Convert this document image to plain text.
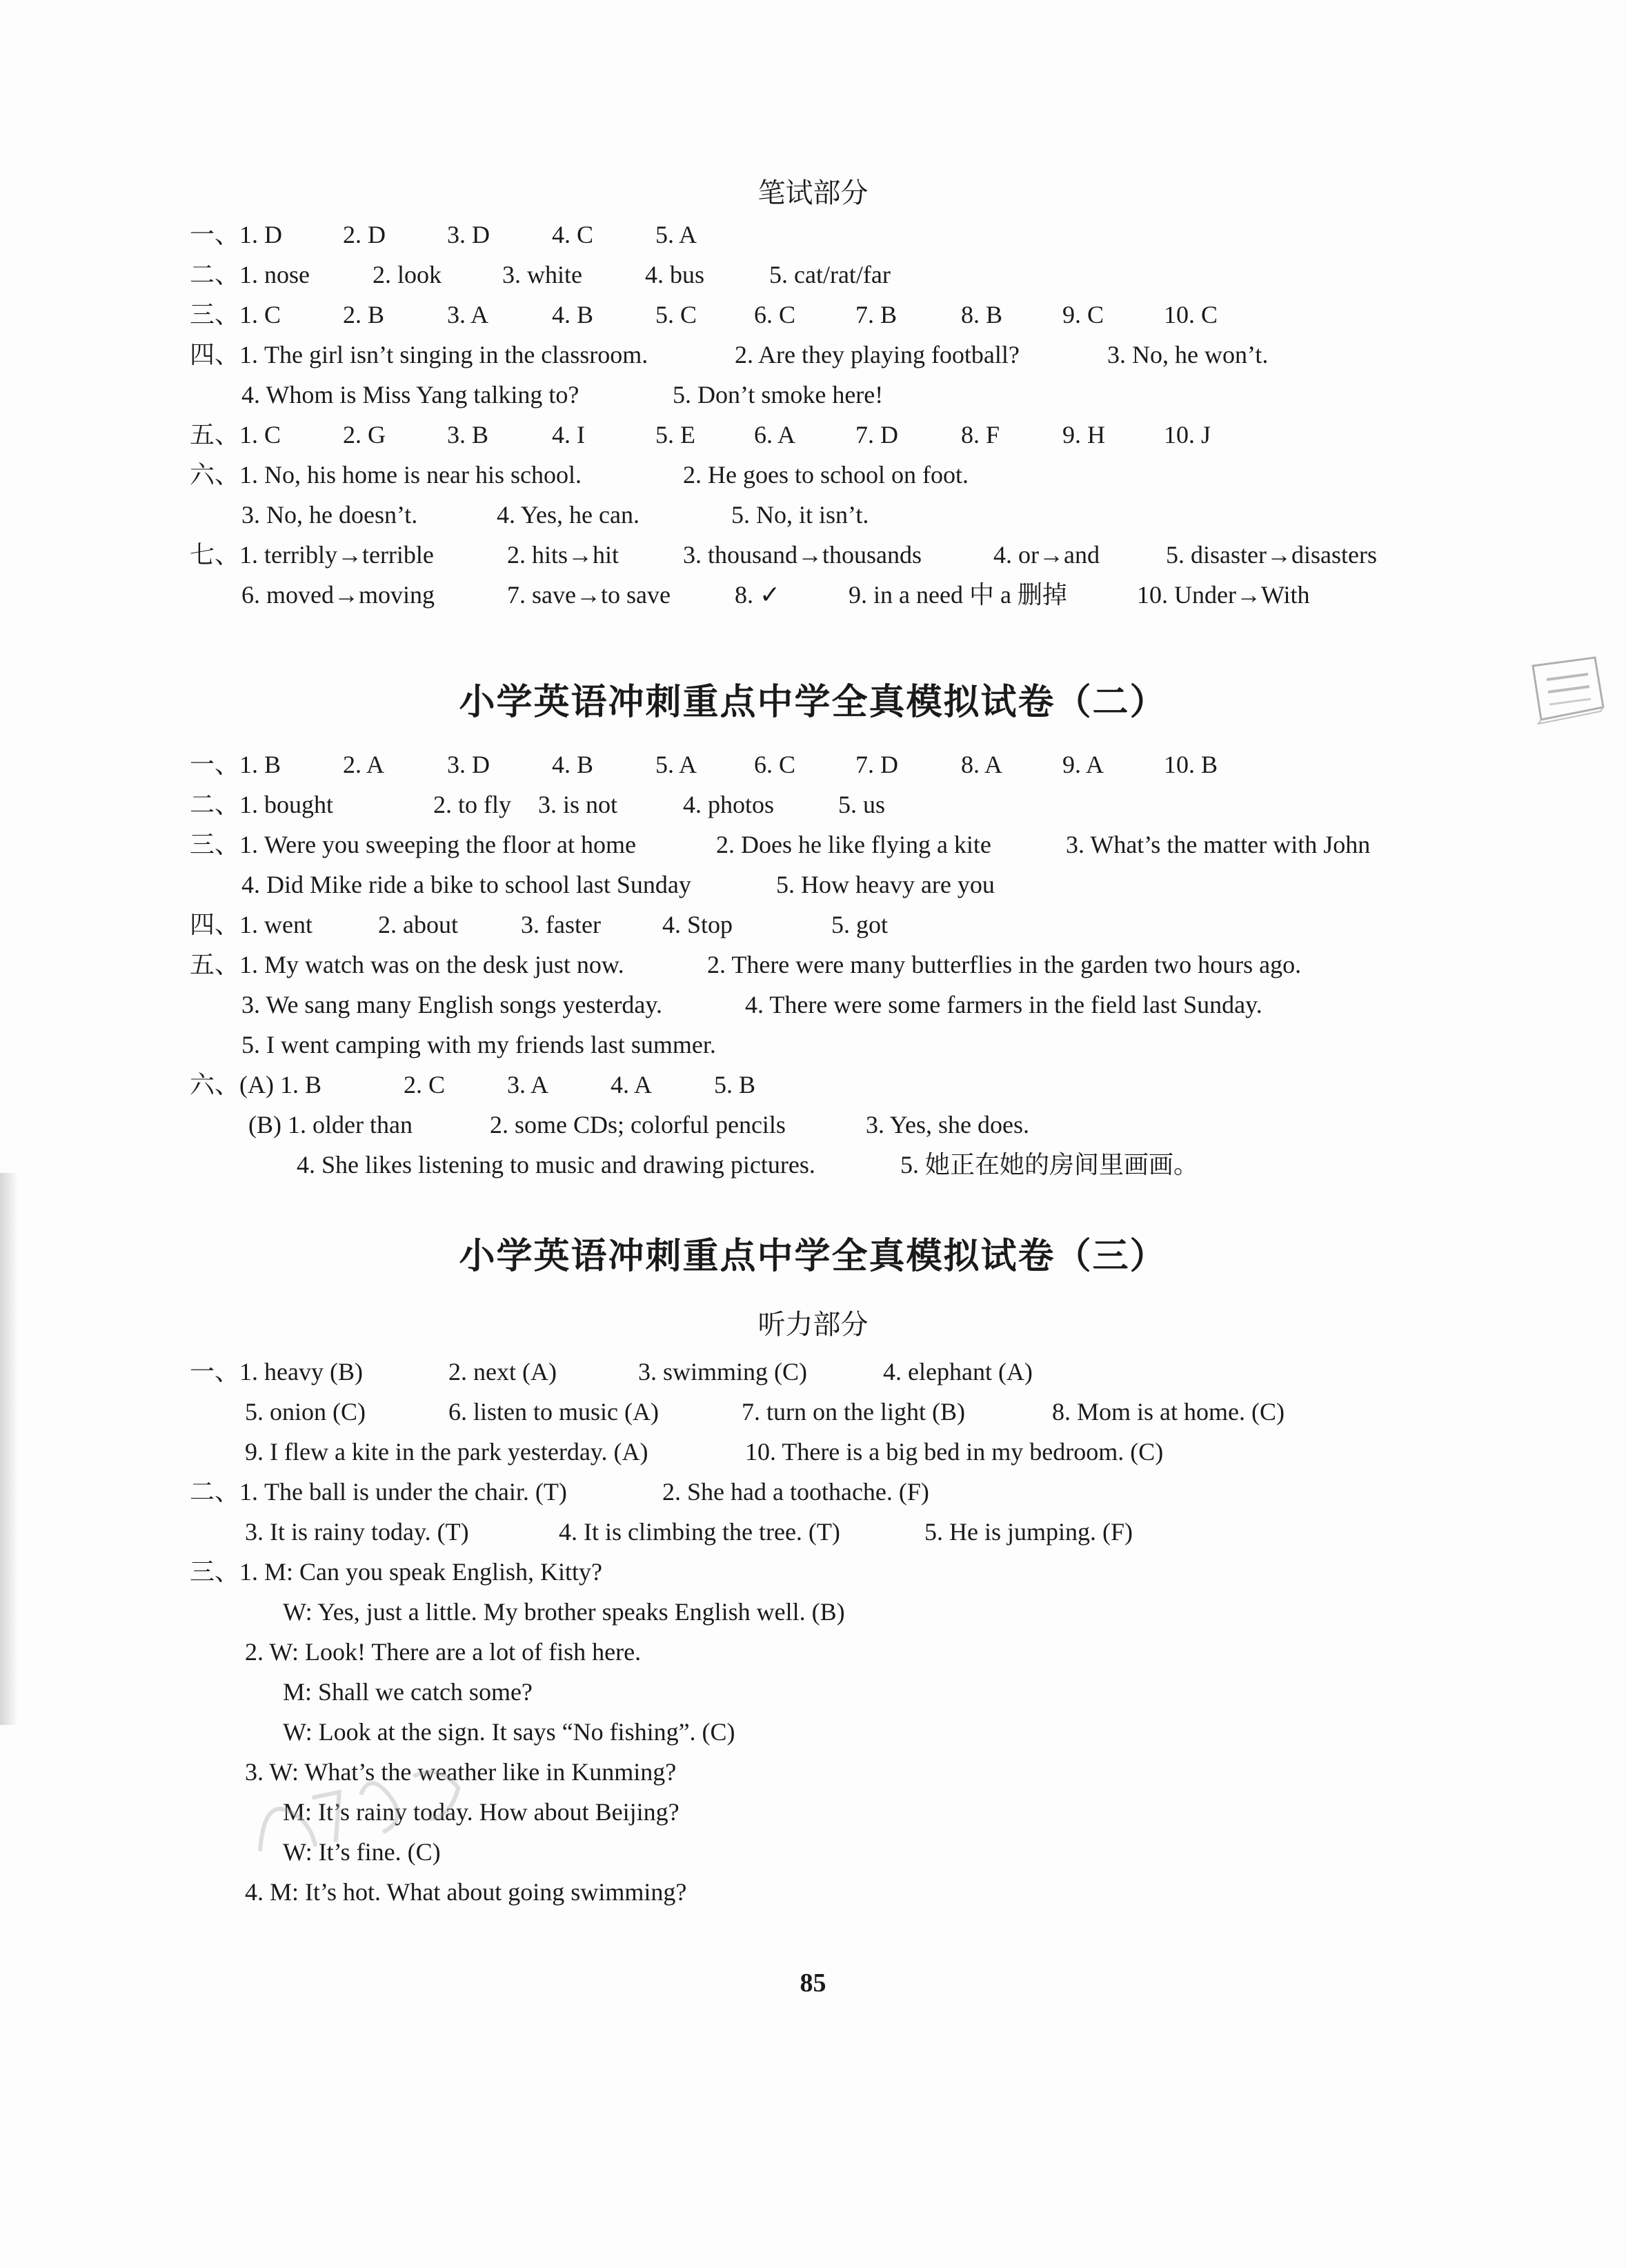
笔试部分
小学英语冲刺重点中学全真模拟试卷（二）
小学英语冲刺重点中学全真模拟试卷（三）
听力部分
一、1. D 2. D 3. D	4. C 5. A
二、1. nose	2. look 3. white	4. bus	5. cat/rat/far
三、1. C 2. B	3. A	4. B 5. C 6. C 7. B	8. B 9. C 10. C
四、1. The girl isn’t singing in the classroom.	2. Are they playing football?	3. No, he won’t.
4. Whom is Miss Yang talking to?	5. Don’t smoke here!
五、1. C 2. G 3. B	4. I	5. E 6. A 7. D	8. F	9. H 10. J
六、1. No, his home is near his school.	2. He goes to school on foot.
3. No, he doesn’t.	4. Yes, he can.	5. No, it isn’t.
七、1. terribly→terrible	2. hits→hit	3. thousand→thousands	4. or→and	5. disaster→disasters
6. moved→moving	7. save→to save	8. ✓	9. in a need 中 a 删掉	10. Under→With
一、1. B 2. A	3. D	4. B 5. A 6. C 7. D	8. A 9. A 10. B
二、1. bought	2. to fly 3. is not	4. photos	5. us
三、1. Were you sweeping the floor at home	2. Does he like flying a kite	3. What’s the matter with John
4. Did Mike ride a bike to school last Sunday	5. How heavy are you
四、1. went	2. about	3. faster 4. Stop	5. got
五、1. My watch was on the desk just now.	2. There were many butterflies in the garden two hours ago.
3. We sang many English songs yesterday.	4. There were some farmers in the field last Sunday.
5. I went camping with my friends last summer.
六、(A) 1. B	2. C 3. A 4. A 5. B
(B) 1. older than	2. some CDs; colorful pencils	3. Yes, she does.
4. She likes listening to music and drawing pictures.	5. 她正在她的房间里画画。
一、1. heavy (B)	2. next (A)	3. swimming (C)	4. elephant (A)
5. onion (C)	6. listen to music (A)	7. turn on the light (B)	8. Mom is at home. (C)
9. I flew a kite in the park yesterday. (A)	10. There is a big bed in my bedroom. (C)
二、1. The ball is under the chair. (T)	2. She had a toothache. (F)
3. It is rainy today. (T)	4. It is climbing the tree. (T)	5. He is jumping. (F)
三、1. M: Can you speak English, Kitty?
W: Yes, just a little. My brother speaks English well. (B)
2. W: Look! There are a lot of fish here.
M: Shall we catch some?
W: Look at the sign. It says “No fishing”. (C)
3. W: What’s the weather like in Kunming?
M: It’s rainy today. How about Beijing?
W: It’s fine. (C)
4. M: It’s hot. What about going swimming?
85
